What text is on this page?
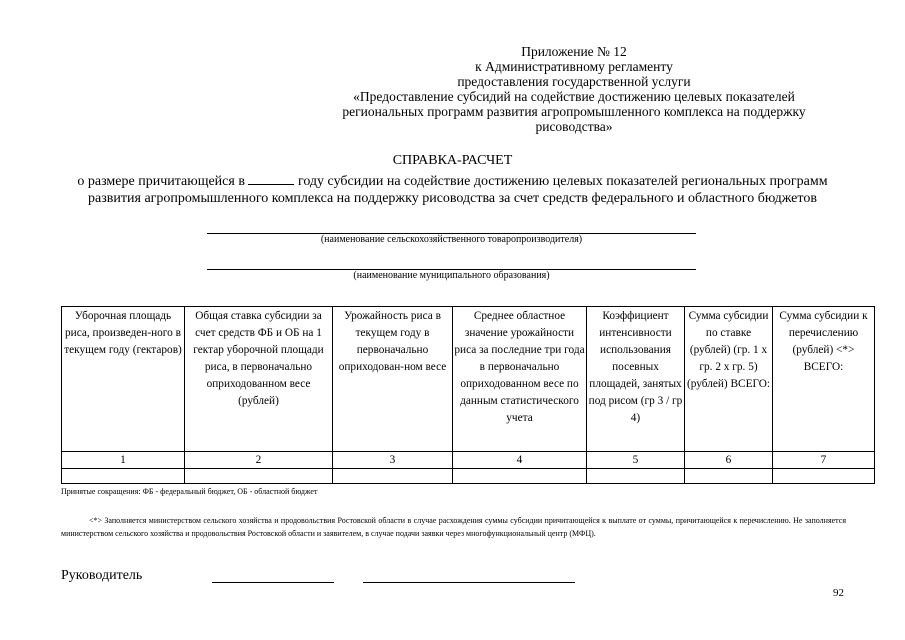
Приложение № 12
к Административному регламенту
предоставления государственной услуги
«Предоставление субсидий на содействие достижению целевых показателей
региональных программ развития агропромышленного комплекса на поддержку
рисоводства»
СПРАВКА-РАСЧЕТ
о размере причитающейся в	году субсидии на содействие достижению целевых показателей региональных программ развития агропромышленного комплекса на поддержку рисоводства за счет средств федерального и областного бюджетов
(наименование сельскохозяйственного товаропроизводителя)
(наименование муниципального образования)
Уборочная площадь риса, произведен-ного в текущем году (гектаров)	Общая ставка субсидии за счет средств ФБ и ОБ на 1 гектар уборочной площади риса, в первоначально оприходованном весе (рублей)	Урожайность риса в текущем году в первоначально оприходован-ном весе	Среднее областное значение урожайности риса за последние три года в первоначально оприходованном весе по данным статистического учета	Коэффициент интенсивности использования посевных площадей, занятых под рисом (гр 3 / гр 4)	Сумма субсидии по ставке (рублей) (гр. 1 x гр. 2 x гр. 5) (рублей) ВСЕГО:	Сумма субсидии к перечислению (рублей) <*> ВСЕГО:
1	2	3	4	5	6	7

Принятые сокращения: ФБ - федеральный бюджет, ОБ - областной бюджет
<*> Заполняется министерством сельского хозяйства и продовольствия Ростовской области в случае расхождения суммы субсидии причитающейся к выплате от суммы, причитающейся к перечислению. Не заполняется министерством сельского хозяйства и продовольствия Ростовской области и заявителем, в случае подачи заявки через многофункциональный центр (МФЦ).
Руководитель
92
